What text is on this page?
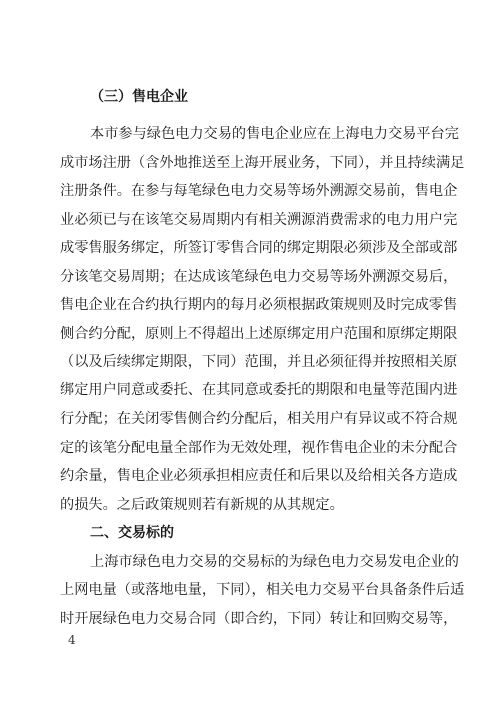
（三）售电企业
本市参与绿色电力交易的售电企业应在上海电力交易平台完
成市场注册（含外地推送至上海开展业务，下同），并且持续满足
注册条件。在参与每笔绿色电力交易等场外溯源交易前，售电企
业必须已与在该笔交易周期内有相关溯源消费需求的电力用户完
成零售服务绑定，所签订零售合同的绑定期限必须涉及全部或部
分该笔交易周期；在达成该笔绿色电力交易等场外溯源交易后，
售电企业在合约执行期内的每月必须根据政策规则及时完成零售
侧合约分配，原则上不得超出上述原绑定用户范围和原绑定期限
（以及后续绑定期限，下同）范围，并且必须征得并按照相关原
绑定用户同意或委托、在其同意或委托的期限和电量等范围内进
行分配；在关闭零售侧合约分配后，相关用户有异议或不符合规
定的该笔分配电量全部作为无效处理，视作售电企业的未分配合
约余量，售电企业必须承担相应责任和后果以及给相关各方造成
的损失。之后政策规则若有新规的从其规定。
二、交易标的
上海市绿色电力交易的交易标的为绿色电力交易发电企业的
上网电量（或落地电量，下同），相关电力交易平台具备条件后适
时开展绿色电力交易合同（即合约，下同）转让和回购交易等，
4
